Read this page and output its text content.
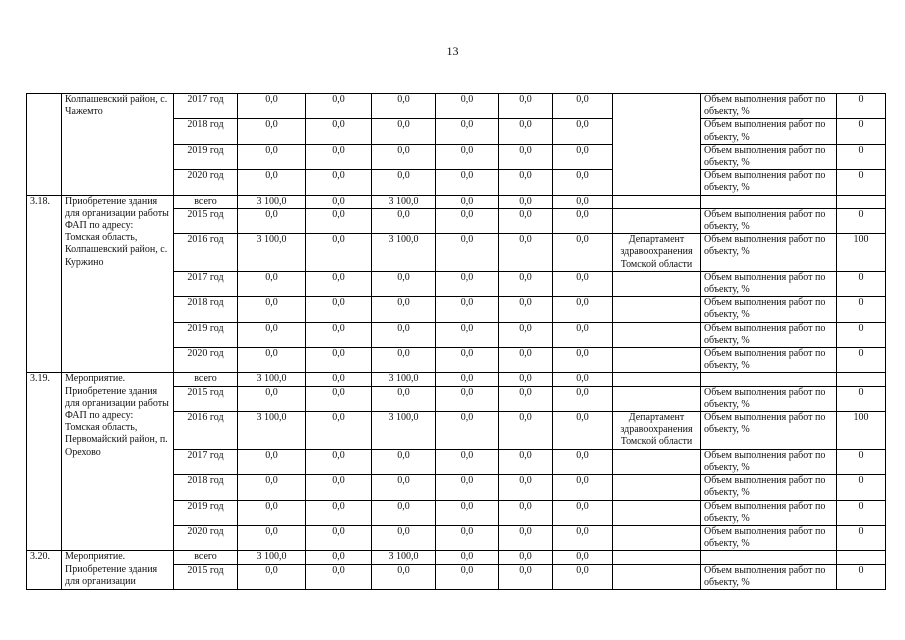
13
	Колпашевский район, с. Чажемто	2017 год	0,0	0,0	0,0	0,0	0,0	0,0		Объем выполнения работ по объекту, %	0
		2018 год	0,0	0,0	0,0	0,0	0,0	0,0		Объем выполнения работ по объекту, %	0
		2019 год	0,0	0,0	0,0	0,0	0,0	0,0		Объем выполнения работ по объекту, %	0
		2020 год	0,0	0,0	0,0	0,0	0,0	0,0		Объем выполнения работ по объекту, %	0
3.18.	Приобретение здания для организации работы ФАП по адресу: Томская область, Колпашевский район, с. Куржино	всего	3 100,0	0,0	3 100,0	0,0	0,0	0,0			
		2015 год	0,0	0,0	0,0	0,0	0,0	0,0		Объем выполнения работ по объекту, %	0
		2016 год	3 100,0	0,0	3 100,0	0,0	0,0	0,0	Департамент здравоохранения Томской области	Объем выполнения работ по объекту, %	100
		2017 год	0,0	0,0	0,0	0,0	0,0	0,0		Объем выполнения работ по объекту, %	0
		2018 год	0,0	0,0	0,0	0,0	0,0	0,0		Объем выполнения работ по объекту, %	0
		2019 год	0,0	0,0	0,0	0,0	0,0	0,0		Объем выполнения работ по объекту, %	0
		2020 год	0,0	0,0	0,0	0,0	0,0	0,0		Объем выполнения работ по объекту, %	0
3.19.	Мероприятие. Приобретение здания для организации работы ФАП по адресу: Томская область, Первомайский район, п. Орехово	всего	3 100,0	0,0	3 100,0	0,0	0,0	0,0			
		2015 год	0,0	0,0	0,0	0,0	0,0	0,0		Объем выполнения работ по объекту, %	0
		2016 год	3 100,0	0,0	3 100,0	0,0	0,0	0,0	Департамент здравоохранения Томской области	Объем выполнения работ по объекту, %	100
		2017 год	0,0	0,0	0,0	0,0	0,0	0,0		Объем выполнения работ по объекту, %	0
		2018 год	0,0	0,0	0,0	0,0	0,0	0,0		Объем выполнения работ по объекту, %	0
		2019 год	0,0	0,0	0,0	0,0	0,0	0,0		Объем выполнения работ по объекту, %	0
		2020 год	0,0	0,0	0,0	0,0	0,0	0,0		Объем выполнения работ по объекту, %	0
3.20.	Мероприятие. Приобретение здания для организации	всего	3 100,0	0,0	3 100,0	0,0	0,0	0,0			
		2015 год	0,0	0,0	0,0	0,0	0,0	0,0		Объем выполнения работ по объекту, %	0
